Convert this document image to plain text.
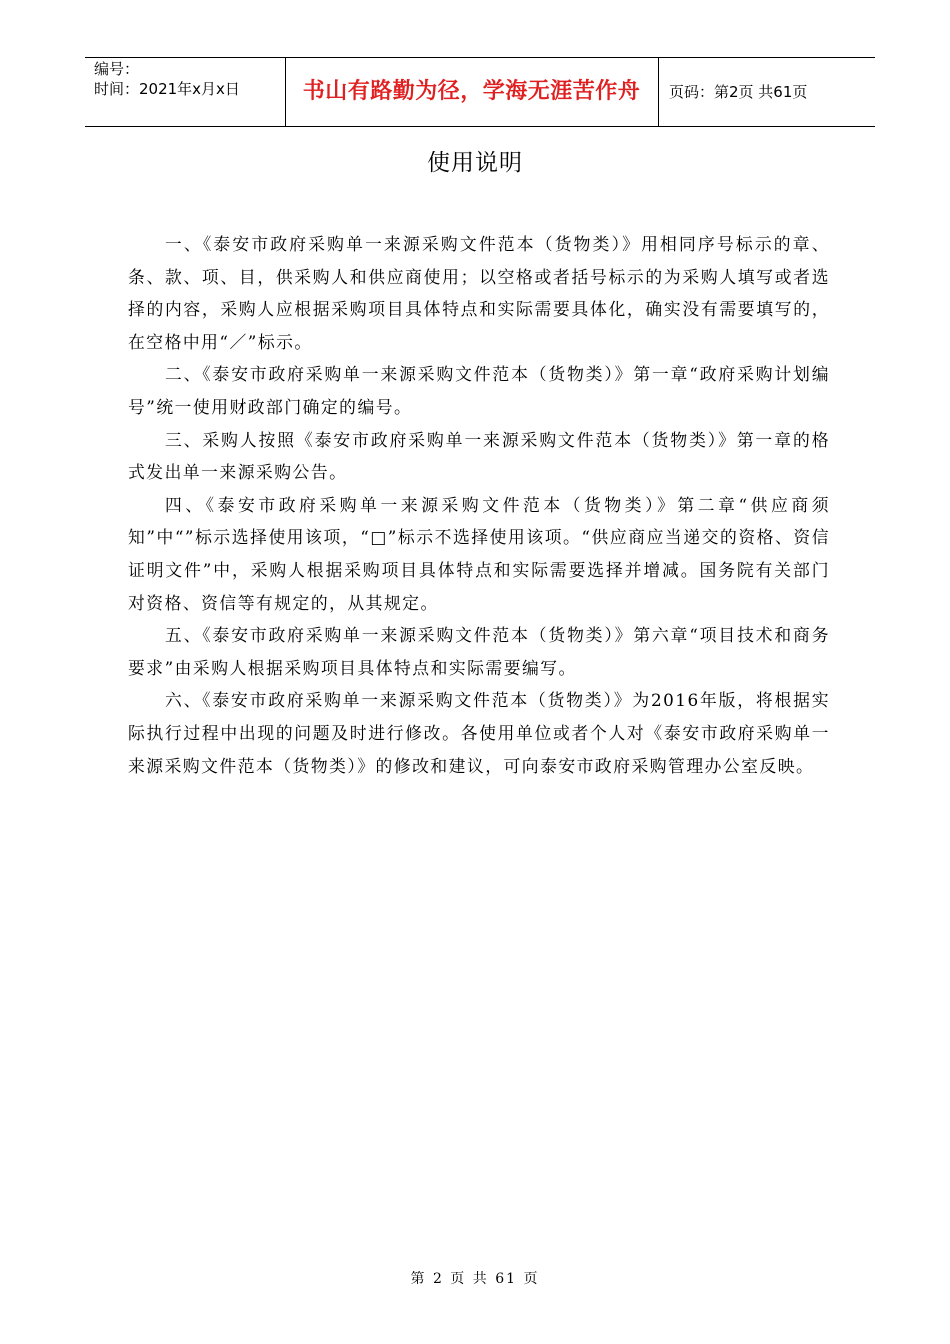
编号：
时间：2021年x月x日	书山有路勤为径，学海无涯苦作舟	页码：第2页 共61页
使用说明

一、《泰安市政府采购单一来源采购文件范本（货物类）》用相同序号标示的章、条、款、项、目，供采购人和供应商使用；以空格或者括号标示的为采购人填写或者选择的内容，采购人应根据采购项目具体特点和实际需要具体化，确实没有需要填写的，在空格中用“／”标示。

二、《泰安市政府采购单一来源采购文件范本（货物类）》第一章“政府采购计划编号”统一使用财政部门确定的编号。

三、采购人按照《泰安市政府采购单一来源采购文件范本（货物类）》第一章的格式发出单一来源采购公告。

四、《泰安市政府采购单一来源采购文件范本（货物类）》第二章“供应商须知”中“”标示选择使用该项，“□”标示不选择使用该项。“供应商应当递交的资格、资信证明文件”中，采购人根据采购项目具体特点和实际需要选择并增减。国务院有关部门对资格、资信等有规定的，从其规定。

五、《泰安市政府采购单一来源采购文件范本（货物类）》第六章“项目技术和商务要求”由采购人根据采购项目具体特点和实际需要编写。

六、《泰安市政府采购单一来源采购文件范本（货物类）》为2016年版，将根据实际执行过程中出现的问题及时进行修改。各使用单位或者个人对《泰安市政府采购单一来源采购文件范本（货物类）》的修改和建议，可向泰安市政府采购管理办公室反映。

第 2 页 共 61 页
